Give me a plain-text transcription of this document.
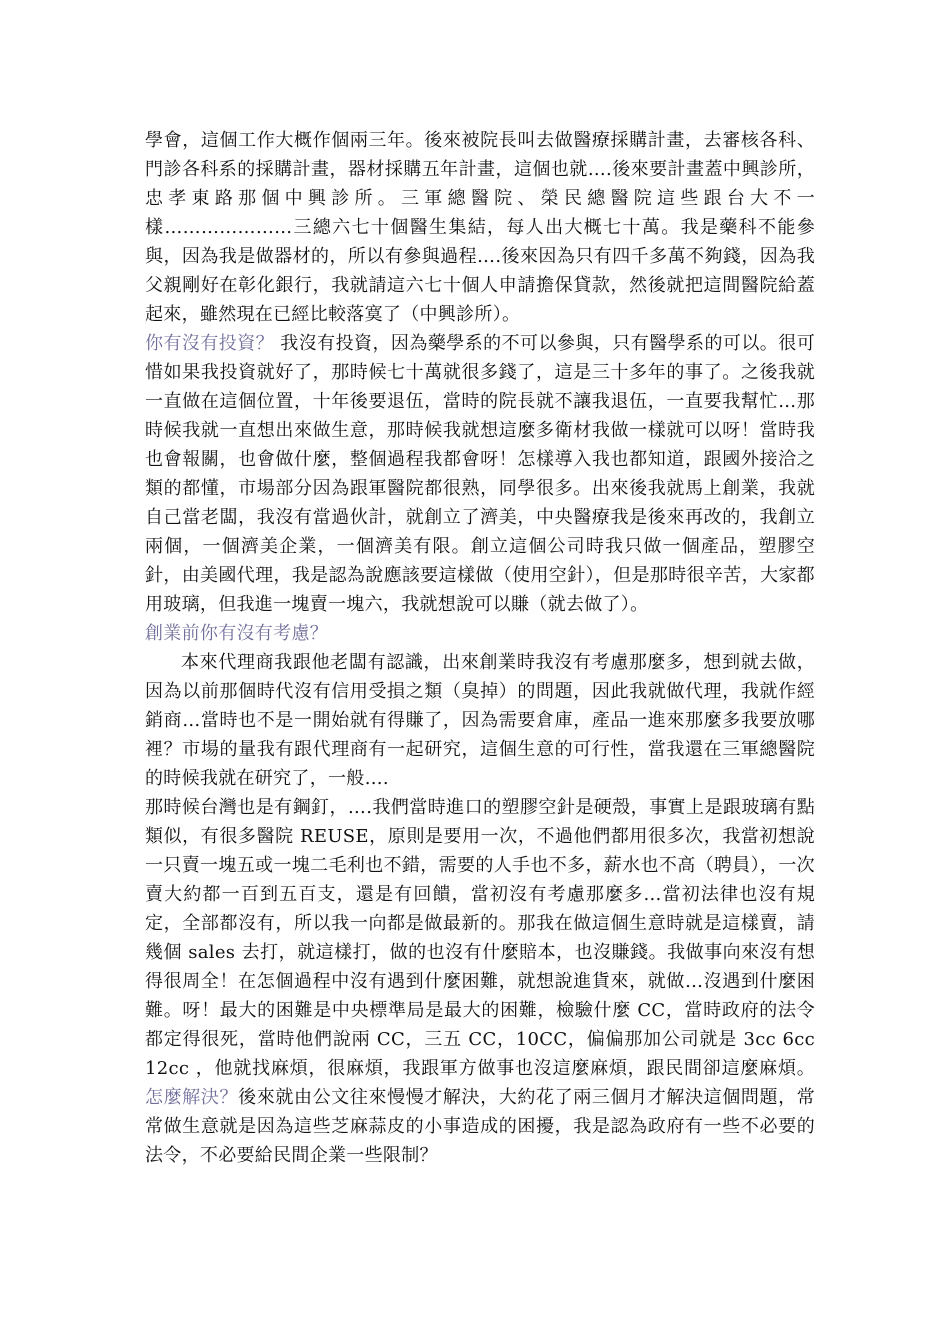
學會，這個工作大概作個兩三年。後來被院長叫去做醫療採購計畫，去審核各科、門診各科系的採購計畫，器材採購五年計畫，這個也就….後來要計畫蓋中興診所，忠孝東路那個中興診所。三軍總醫院、榮民總醫院這些跟台大不一樣…………………三總六七十個醫生集結，每人出大概七十萬。我是藥科不能參與，因為我是做器材的，所以有參與過程….後來因為只有四千多萬不夠錢，因為我父親剛好在彰化銀行，我就請這六七十個人申請擔保貸款，然後就把這間醫院給蓋起來，雖然現在已經比較落寞了（中興診所）。

你有沒有投資？ 我沒有投資，因為藥學系的不可以參與，只有醫學系的可以。很可惜如果我投資就好了，那時候七十萬就很多錢了，這是三十多年的事了。之後我就一直做在這個位置，十年後要退伍，當時的院長就不讓我退伍，一直要我幫忙…那時候我就一直想出來做生意，那時候我就想這麼多衛材我做一樣就可以呀！當時我也會報關，也會做什麼，整個過程我都會呀！怎樣導入我也都知道，跟國外接洽之類的都懂，市場部分因為跟軍醫院都很熟，同學很多。出來後我就馬上創業，我就自己當老闆，我沒有當過伙計，就創立了濟美，中央醫療我是後來再改的，我創立兩個，一個濟美企業，一個濟美有限。創立這個公司時我只做一個產品，塑膠空針，由美國代理，我是認為說應該要這樣做（使用空針），但是那時很辛苦，大家都用玻璃，但我進一塊賣一塊六，我就想說可以賺（就去做了）。

創業前你有沒有考慮？

本來代理商我跟他老闆有認識，出來創業時我沒有考慮那麼多，想到就去做，因為以前那個時代沒有信用受損之類（臭掉）的問題，因此我就做代理，我就作經銷商…當時也不是一開始就有得賺了，因為需要倉庫，產品一進來那麼多我要放哪裡？市場的量我有跟代理商有一起研究，這個生意的可行性，當我還在三軍總醫院的時候我就在研究了，一般….

那時候台灣也是有鋼釘，….我們當時進口的塑膠空針是硬殼，事實上是跟玻璃有點類似，有很多醫院 REUSE，原則是要用一次，不過他們都用很多次，我當初想說一只賣一塊五或一塊二毛利也不錯，需要的人手也不多，薪水也不高（聘員），一次賣大約都一百到五百支，還是有回饋，當初沒有考慮那麼多…當初法律也沒有規定，全部都沒有，所以我一向都是做最新的。那我在做這個生意時就是這樣賣，請幾個 sales 去打，就這樣打，做的也沒有什麼賠本，也沒賺錢。我做事向來沒有想得很周全！在怎個過程中沒有遇到什麼困難，就想說進貨來，就做…沒遇到什麼困難。呀！最大的困難是中央標準局是最大的困難，檢驗什麼 CC，當時政府的法令都定得很死，當時他們說兩 CC，三五 CC，10CC，偏偏那加公司就是 3cc 6cc 12cc ，他就找麻煩，很麻煩，我跟軍方做事也沒這麼麻煩，跟民間卻這麼麻煩。怎麼解決？後來就由公文往來慢慢才解決，大約花了兩三個月才解決這個問題，常常做生意就是因為這些芝麻蒜皮的小事造成的困擾，我是認為政府有一些不必要的法令，不必要給民間企業一些限制？
